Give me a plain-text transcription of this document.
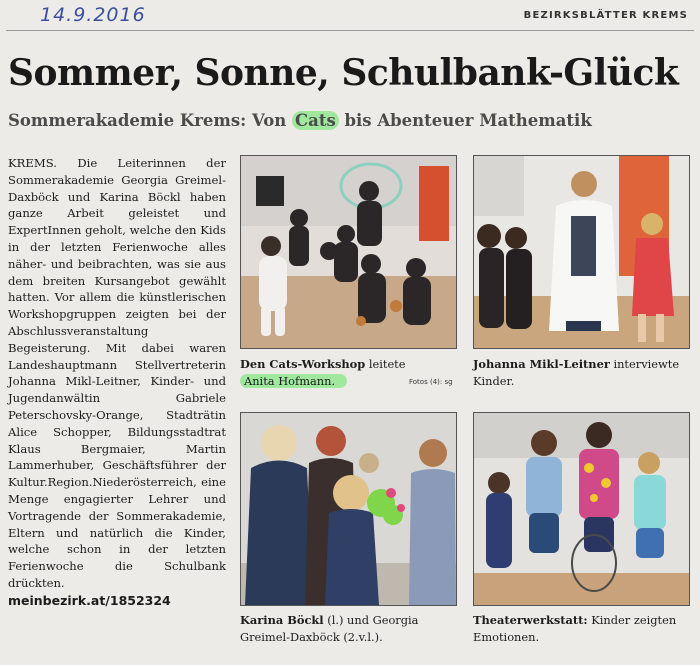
14.9.2016	BEZIRKSBLÄTTER KREMS
Sommer, Sonne, Schulbank-Glück
Sommerakademie Krems: Von Cats bis Abenteuer Mathematik
KREMS. Die Leiterinnen der Sommerakademie Georgia Greimel-Daxböck und Karina Böckl haben ganze Arbeit geleistet und ExpertInnen geholt, welche den Kids in der letzten Ferienwoche alles näher- und beibrachten, was sie aus dem breiten Kursangebot gewählt hatten. Vor allem die künstlerischen Workshopgruppen zeigten bei der Abschlussveranstaltung Begeisterung. Mit dabei waren Landeshauptmann Stellvertreterin Johanna Mikl-Leitner, Kinder- und Jugendanwältin Gabriele Peterschovsky-Orange, Stadträtin Alice Schopper, Bildungsstadtrat Klaus Bergmaier, Martin Lammerhuber, Geschäftsführer der Kultur.Region.Niederösterreich, eine Menge engagierter Lehrer und Vortragende der Sommerakademie, Eltern und natürlich die Kinder, welche schon in der letzten Ferienwoche die Schulbank drückten.
meinbezirk.at/1852324
Den Cats-Workshop leitete
Anita Hofmann.	Fotos (4): sg
Johanna Mikl-Leitner interviewte Kinder.
Karina Böckl (l.) und Georgia Greimel-Daxböck (2.v.l.).
Theaterwerkstatt: Kinder zeigten Emotionen.
